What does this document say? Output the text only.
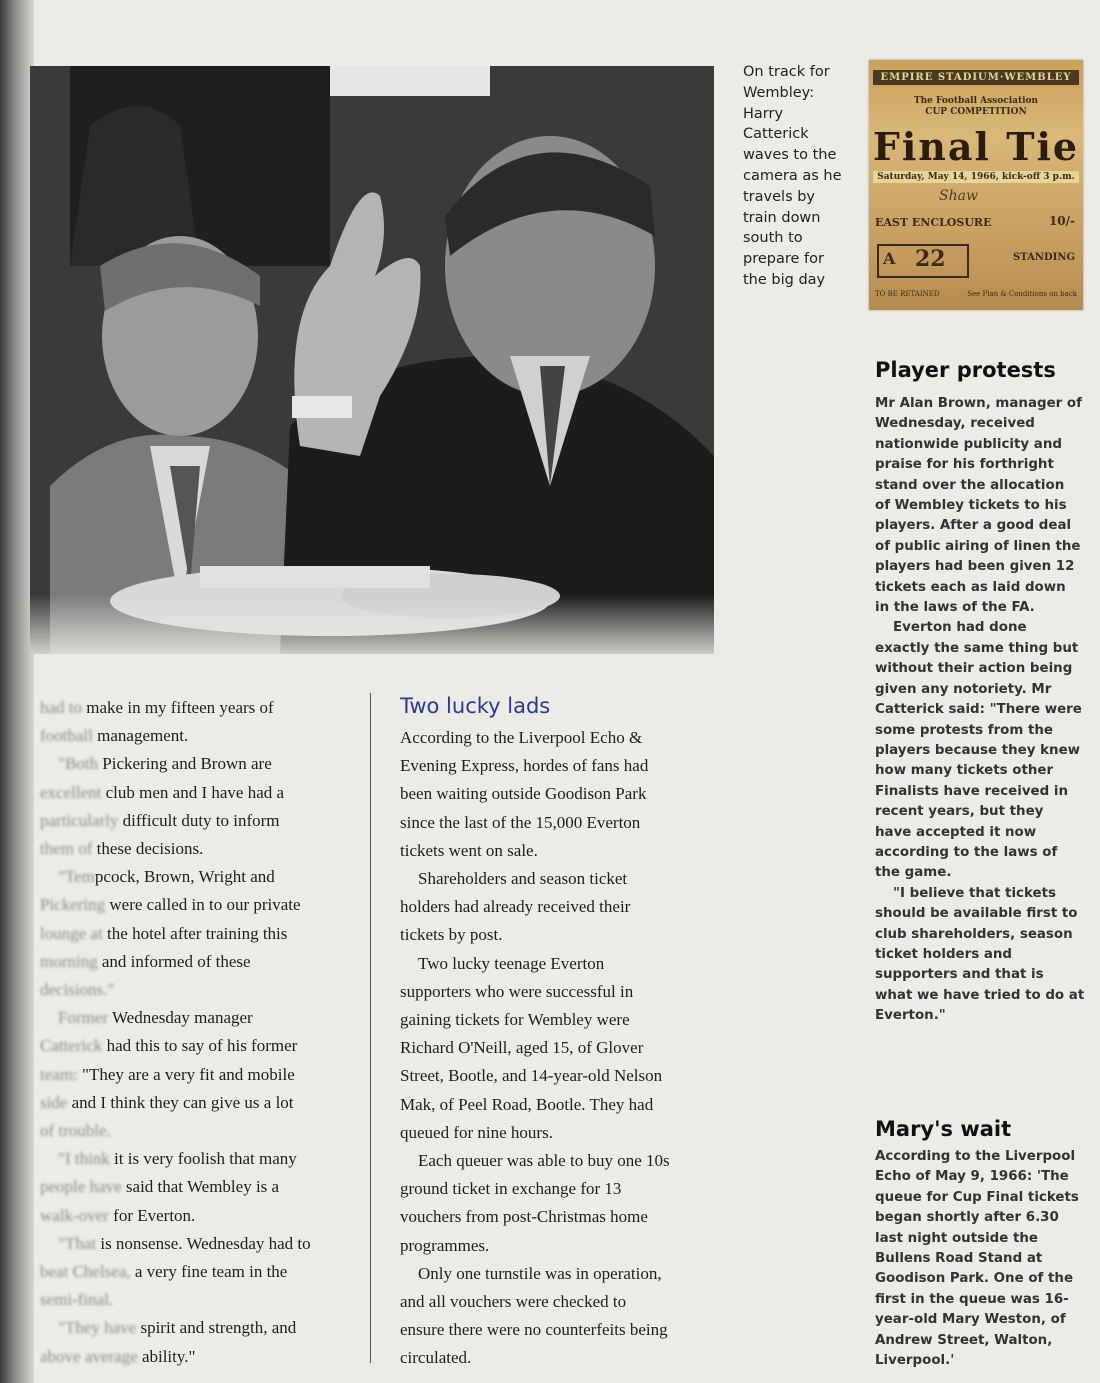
On track for
Wembley:
Harry
Catterick
waves to the
camera as he
travels by
train down
south to
prepare for
the big day
EMPIRE STADIUM·WEMBLEY
The Football Association
CUP COMPETITION
Final Tie
Saturday, May 14, 1966, kick-off 3 p.m.
Shaw
EAST ENCLOSURE	10/-
A 22	STANDING
TO BE RETAINED	See Plan & Conditions on back
Player protests
Mr Alan Brown, manager of
Wednesday, received
nationwide publicity and
praise for his forthright
stand over the allocation
of Wembley tickets to his
players. After a good deal
of public airing of linen the
players had been given 12
tickets each as laid down
in the laws of the FA.
Everton had done
exactly the same thing but
without their action being
given any notoriety. Mr
Catterick said: "There were
some protests from the
players because they knew
how many tickets other
Finalists have received in
recent years, but they
have accepted it now
according to the laws of
the game.
"I believe that tickets
should be available first to
club shareholders, season
ticket holders and
supporters and that is
what we have tried to do at
Everton."
Mary's wait
According to the Liverpool
Echo of May 9, 1966: 'The
queue for Cup Final tickets
began shortly after 6.30
last night outside the
Bullens Road Stand at
Goodison Park. One of the
first in the queue was 16-
year-old Mary Weston, of
Andrew Street, Walton,
Liverpool.'
had to make in my fifteen years of
football management.
"Both Pickering and Brown are
excellent club men and I have had a
particularly difficult duty to inform
them of these decisions.
"Tempcock, Brown, Wright and
Pickering were called in to our private
lounge at the hotel after training this
morning and informed of these
decisions."
Former Wednesday manager
Catterick had this to say of his former
team: "They are a very fit and mobile
side and I think they can give us a lot
of trouble.
"I think it is very foolish that many
people have said that Wembley is a
walk-over for Everton.
"That is nonsense. Wednesday had to
beat Chelsea, a very fine team in the
semi-final.
"They have spirit and strength, and
above average ability."
Two lucky lads
According to the Liverpool Echo &
Evening Express, hordes of fans had
been waiting outside Goodison Park
since the last of the 15,000 Everton
tickets went on sale.
Shareholders and season ticket
holders had already received their
tickets by post.
Two lucky teenage Everton
supporters who were successful in
gaining tickets for Wembley were
Richard O'Neill, aged 15, of Glover
Street, Bootle, and 14-year-old Nelson
Mak, of Peel Road, Bootle. They had
queued for nine hours.
Each queuer was able to buy one 10s
ground ticket in exchange for 13
vouchers from post-Christmas home
programmes.
Only one turnstile was in operation,
and all vouchers were checked to
ensure there were no counterfeits being
circulated.
